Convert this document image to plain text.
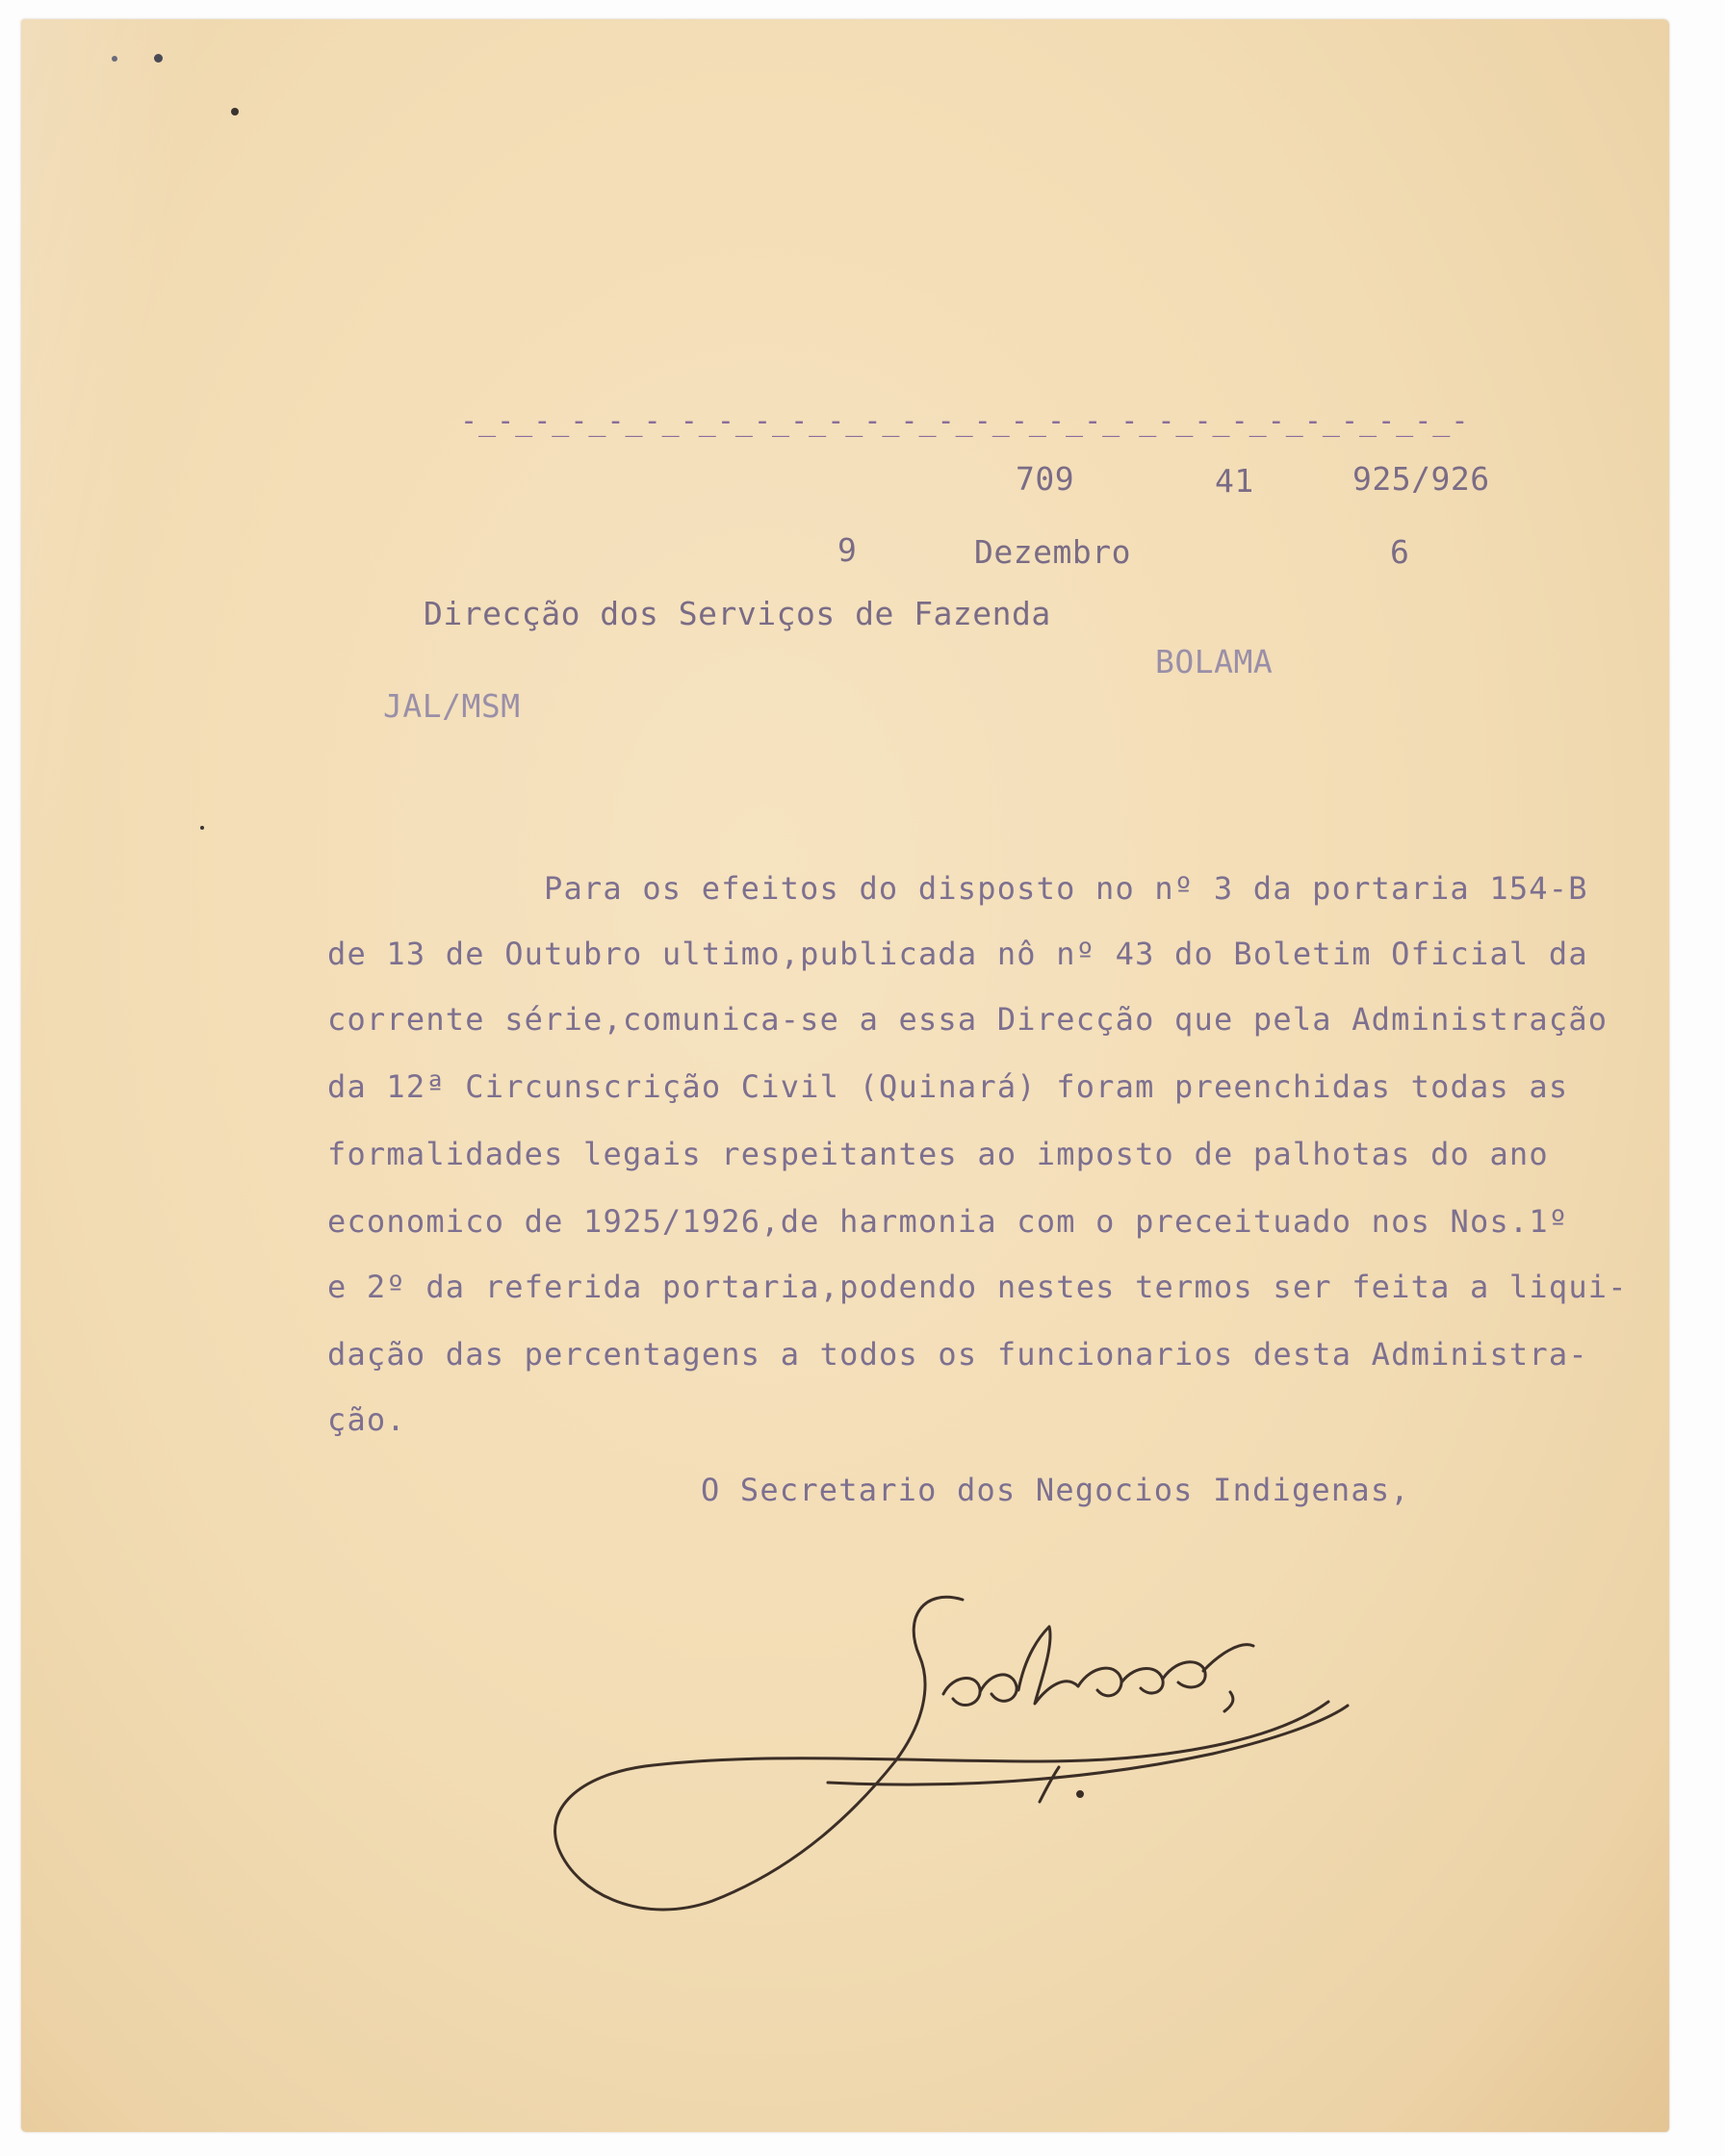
-_-_-_-_-_-_-_-_-_-_-_-_-_-_-_-_-_-_-_-_-_-_-_-_-_-_-_-
709	41	925/926
9	Dezembro	6
Direcção dos Serviços de Fazenda
BOLAMA
JAL/MSM
Para os efeitos do disposto no nº 3 da portaria 154-B
de 13 de Outubro ultimo,publicada nô nº 43 do Boletim Oficial da
corrente série,comunica-se a essa Direcção que pela Administração
da 12ª Circunscrição Civil (Quinará) foram preenchidas todas as
formalidades legais respeitantes ao imposto de palhotas do ano
economico de 1925/1926,de harmonia com o preceituado nos Nos.1º
e 2º da referida portaria,podendo nestes termos ser feita a liqui-
dação das percentagens a todos os funcionarios desta Administra-
ção.
O Secretario dos Negocios Indigenas,
